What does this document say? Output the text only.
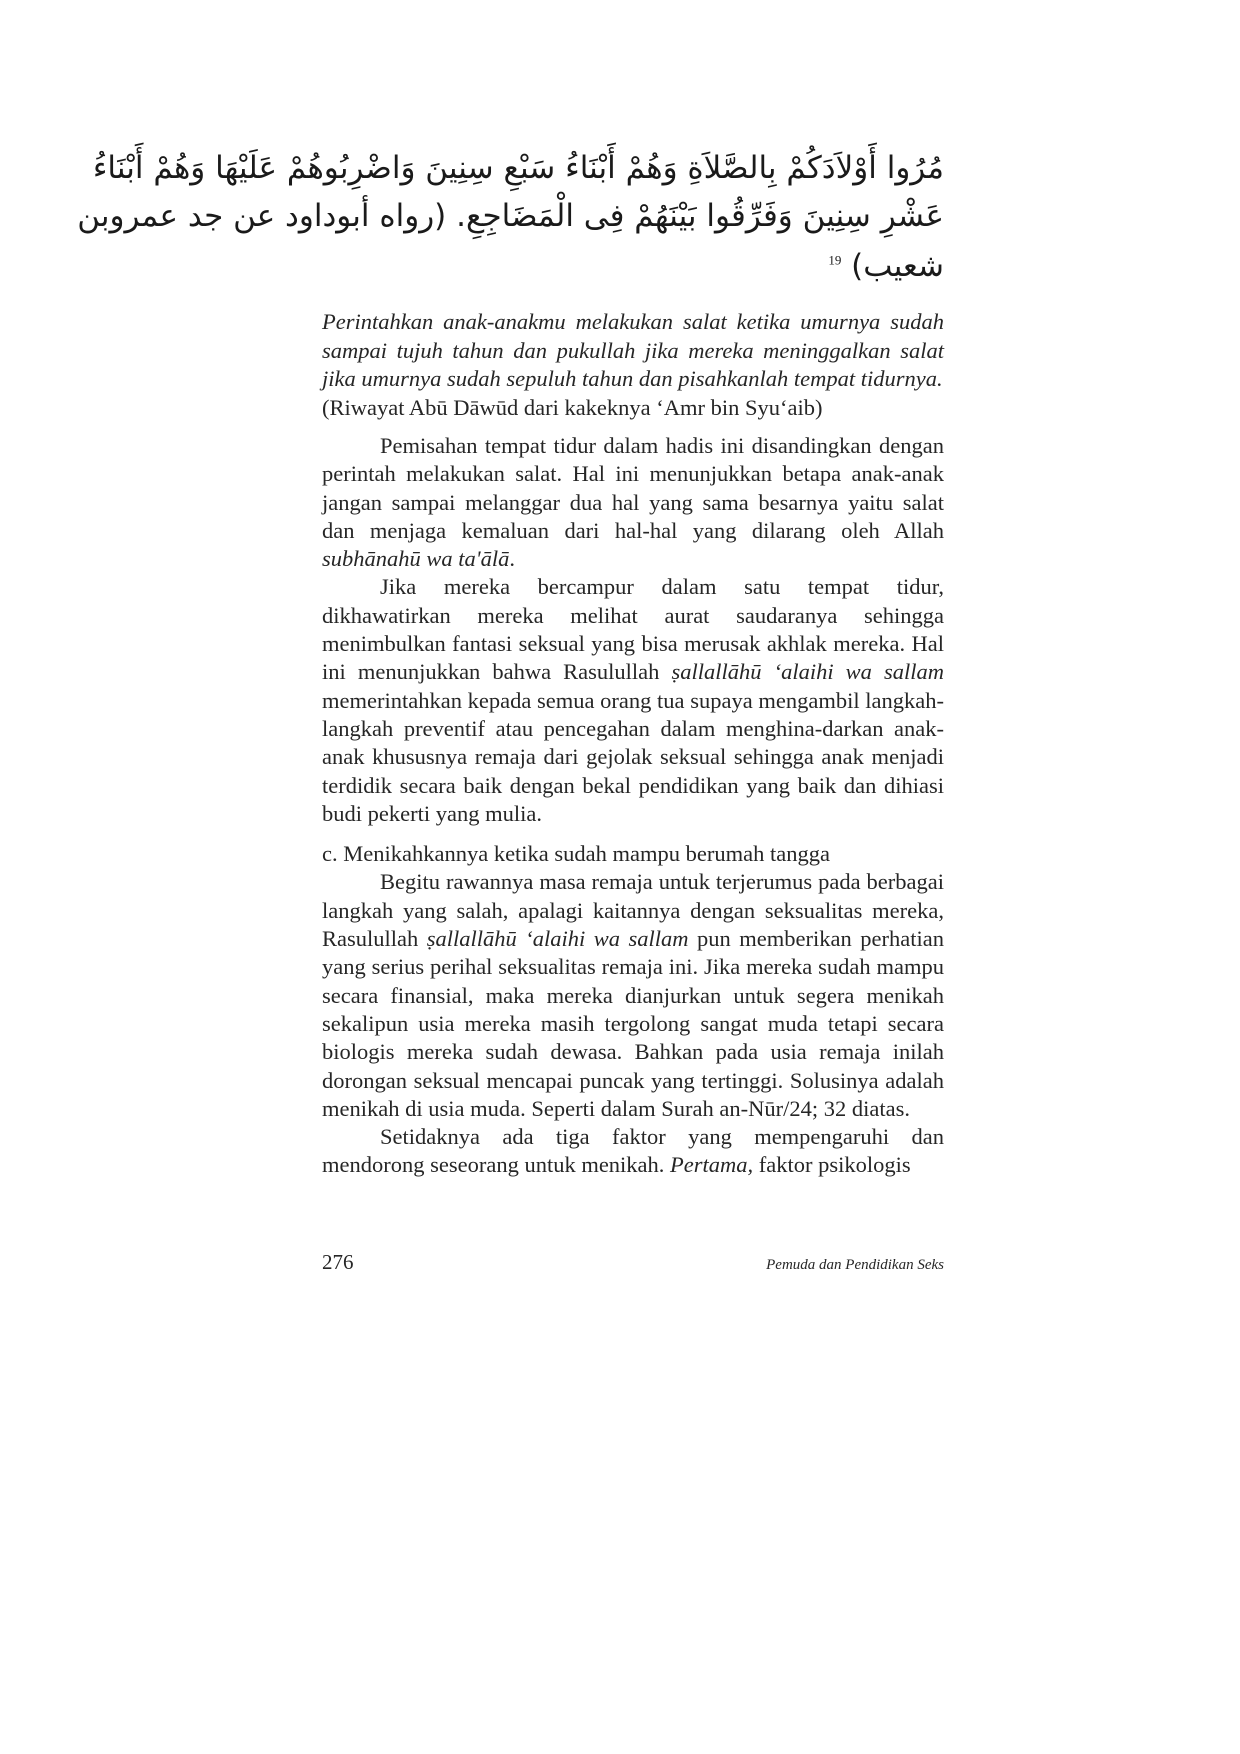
مُرُوا أَوْلاَدَكُمْ بِالصَّلاَةِ وَهُمْ أَبْنَاءُ سَبْعِ سِنِينَ وَاضْرِبُوهُمْ عَلَيْهَا وَهُمْ أَبْنَاءُ
عَشْرِ سِنِينَ وَفَرِّقُوا بَيْنَهُمْ فِى الْمَضَاجِعِ. (رواه أبوداود عن جد عمروبن
شعيب) $^{19}$

Perintahkan anak-anakmu melakukan salat ketika umurnya sudah sampai tujuh tahun dan pukullah jika mereka meninggalkan salat jika umurnya sudah sepuluh tahun dan pisahkanlah tempat tidurnya.
(Riwayat Abū Dāwūd dari kakeknya ‘Amr bin Syu‘aib)

Pemisahan tempat tidur dalam hadis ini disandingkan dengan perintah melakukan salat. Hal ini menunjukkan betapa anak-anak jangan sampai melanggar dua hal yang sama besarnya yaitu salat dan menjaga kemaluan dari hal-hal yang dilarang oleh Allah subhānahū wa ta'ālā.

Jika mereka bercampur dalam satu tempat tidur, dikhawatirkan mereka melihat aurat saudaranya sehingga menimbulkan fantasi seksual yang bisa merusak akhlak mereka. Hal ini menunjukkan bahwa Rasulullah ṣallallāhū ‘alaihi wa sallam memerintahkan kepada semua orang tua supaya mengambil langkah-langkah preventif atau pencegahan dalam menghina-darkan anak-anak khususnya remaja dari gejolak seksual sehingga anak menjadi terdidik secara baik dengan bekal pendidikan yang baik dan dihiasi budi pekerti yang mulia.

c. Menikahkannya ketika sudah mampu berumah tangga

Begitu rawannya masa remaja untuk terjerumus pada berbagai langkah yang salah, apalagi kaitannya dengan seksualitas mereka, Rasulullah ṣallallāhū ‘alaihi wa sallam pun memberikan perhatian yang serius perihal seksualitas remaja ini. Jika mereka sudah mampu secara finansial, maka mereka dianjurkan untuk segera menikah sekalipun usia mereka masih tergolong sangat muda tetapi secara biologis mereka sudah dewasa. Bahkan pada usia remaja inilah dorongan seksual mencapai puncak yang tertinggi. Solusinya adalah menikah di usia muda. Seperti dalam Surah an-Nūr/24; 32 diatas.

Setidaknya ada tiga faktor yang mempengaruhi dan mendorong seseorang untuk menikah. Pertama, faktor psikologis

276	Pemuda dan Pendidikan Seks
